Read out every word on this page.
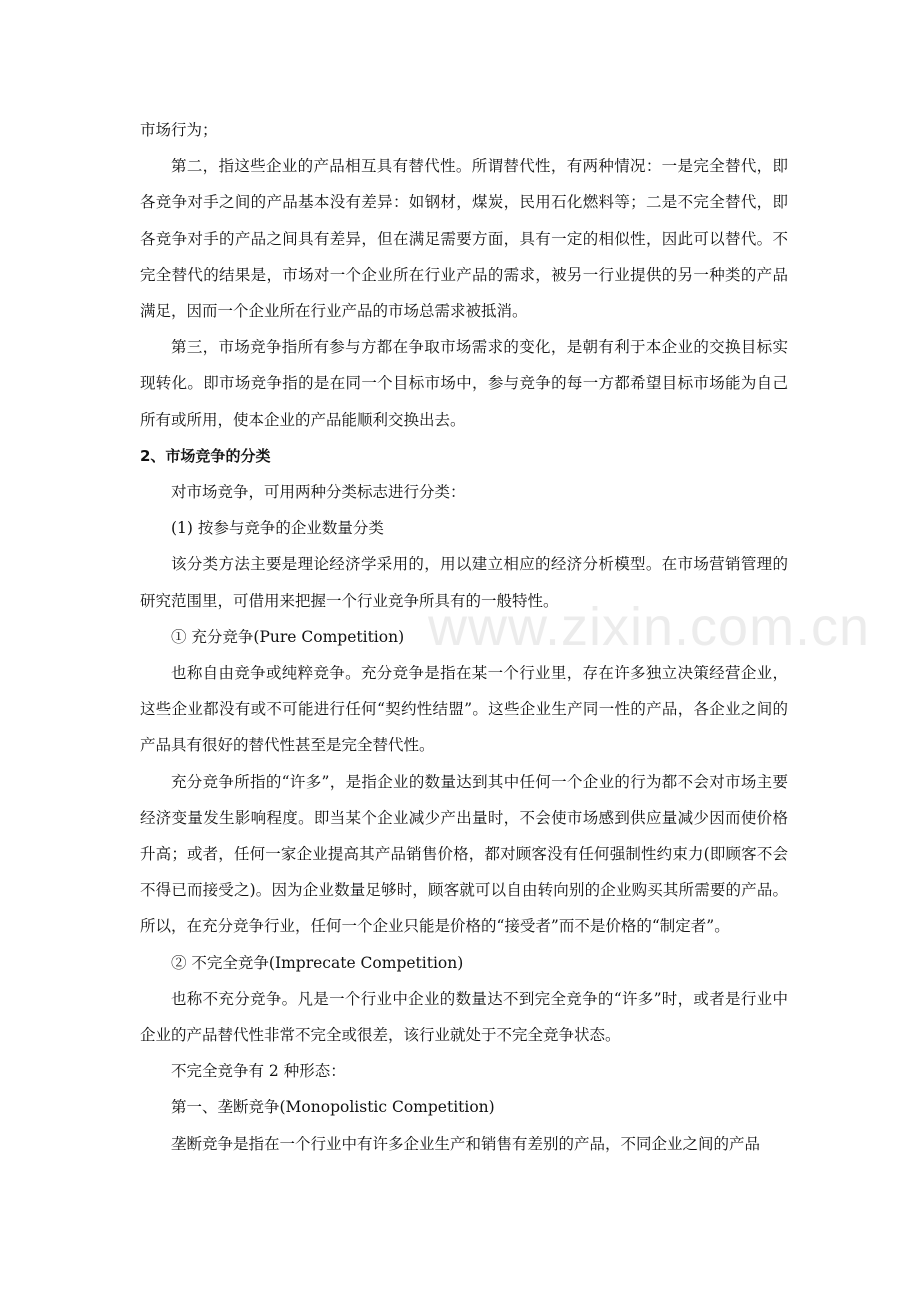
市场行为；

第二，指这些企业的产品相互具有替代性。所谓替代性，有两种情况：一是完全替代，即各竞争对手之间的产品基本没有差异：如钢材，煤炭，民用石化燃料等；二是不完全替代，即各竞争对手的产品之间具有差异，但在满足需要方面，具有一定的相似性，因此可以替代。不完全替代的结果是，市场对一个企业所在行业产品的需求，被另一行业提供的另一种类的产品满足，因而一个企业所在行业产品的市场总需求被抵消。

第三，市场竞争指所有参与方都在争取市场需求的变化，是朝有利于本企业的交换目标实现转化。即市场竞争指的是在同一个目标市场中，参与竞争的每一方都希望目标市场能为自己所有或所用，使本企业的产品能顺利交换出去。

2、市场竞争的分类

对市场竞争，可用两种分类标志进行分类：

(1) 按参与竞争的企业数量分类

该分类方法主要是理论经济学采用的，用以建立相应的经济分析模型。在市场营销管理的研究范围里，可借用来把握一个行业竞争所具有的一般特性。

① 充分竞争(Pure Competition)

也称自由竞争或纯粹竞争。充分竞争是指在某一个行业里，存在许多独立决策经营企业，这些企业都没有或不可能进行任何“契约性结盟”。这些企业生产同一性的产品，各企业之间的产品具有很好的替代性甚至是完全替代性。

充分竞争所指的“许多”，是指企业的数量达到其中任何一个企业的行为都不会对市场主要经济变量发生影响程度。即当某个企业减少产出量时，不会使市场感到供应量减少因而使价格升高；或者，任何一家企业提高其产品销售价格，都对顾客没有任何强制性约束力(即顾客不会不得已而接受之)。因为企业数量足够时，顾客就可以自由转向别的企业购买其所需要的产品。所以，在充分竞争行业，任何一个企业只能是价格的“接受者”而不是价格的“制定者”。

② 不完全竞争(Imprecate Competition)

也称不充分竞争。凡是一个行业中企业的数量达不到完全竞争的“许多”时，或者是行业中企业的产品替代性非常不完全或很差，该行业就处于不完全竞争状态。

不完全竞争有 2 种形态：

第一、垄断竞争(Monopolistic Competition)

垄断竞争是指在一个行业中有许多企业生产和销售有差别的产品，不同企业之间的产品

www.zixin.com.cn
